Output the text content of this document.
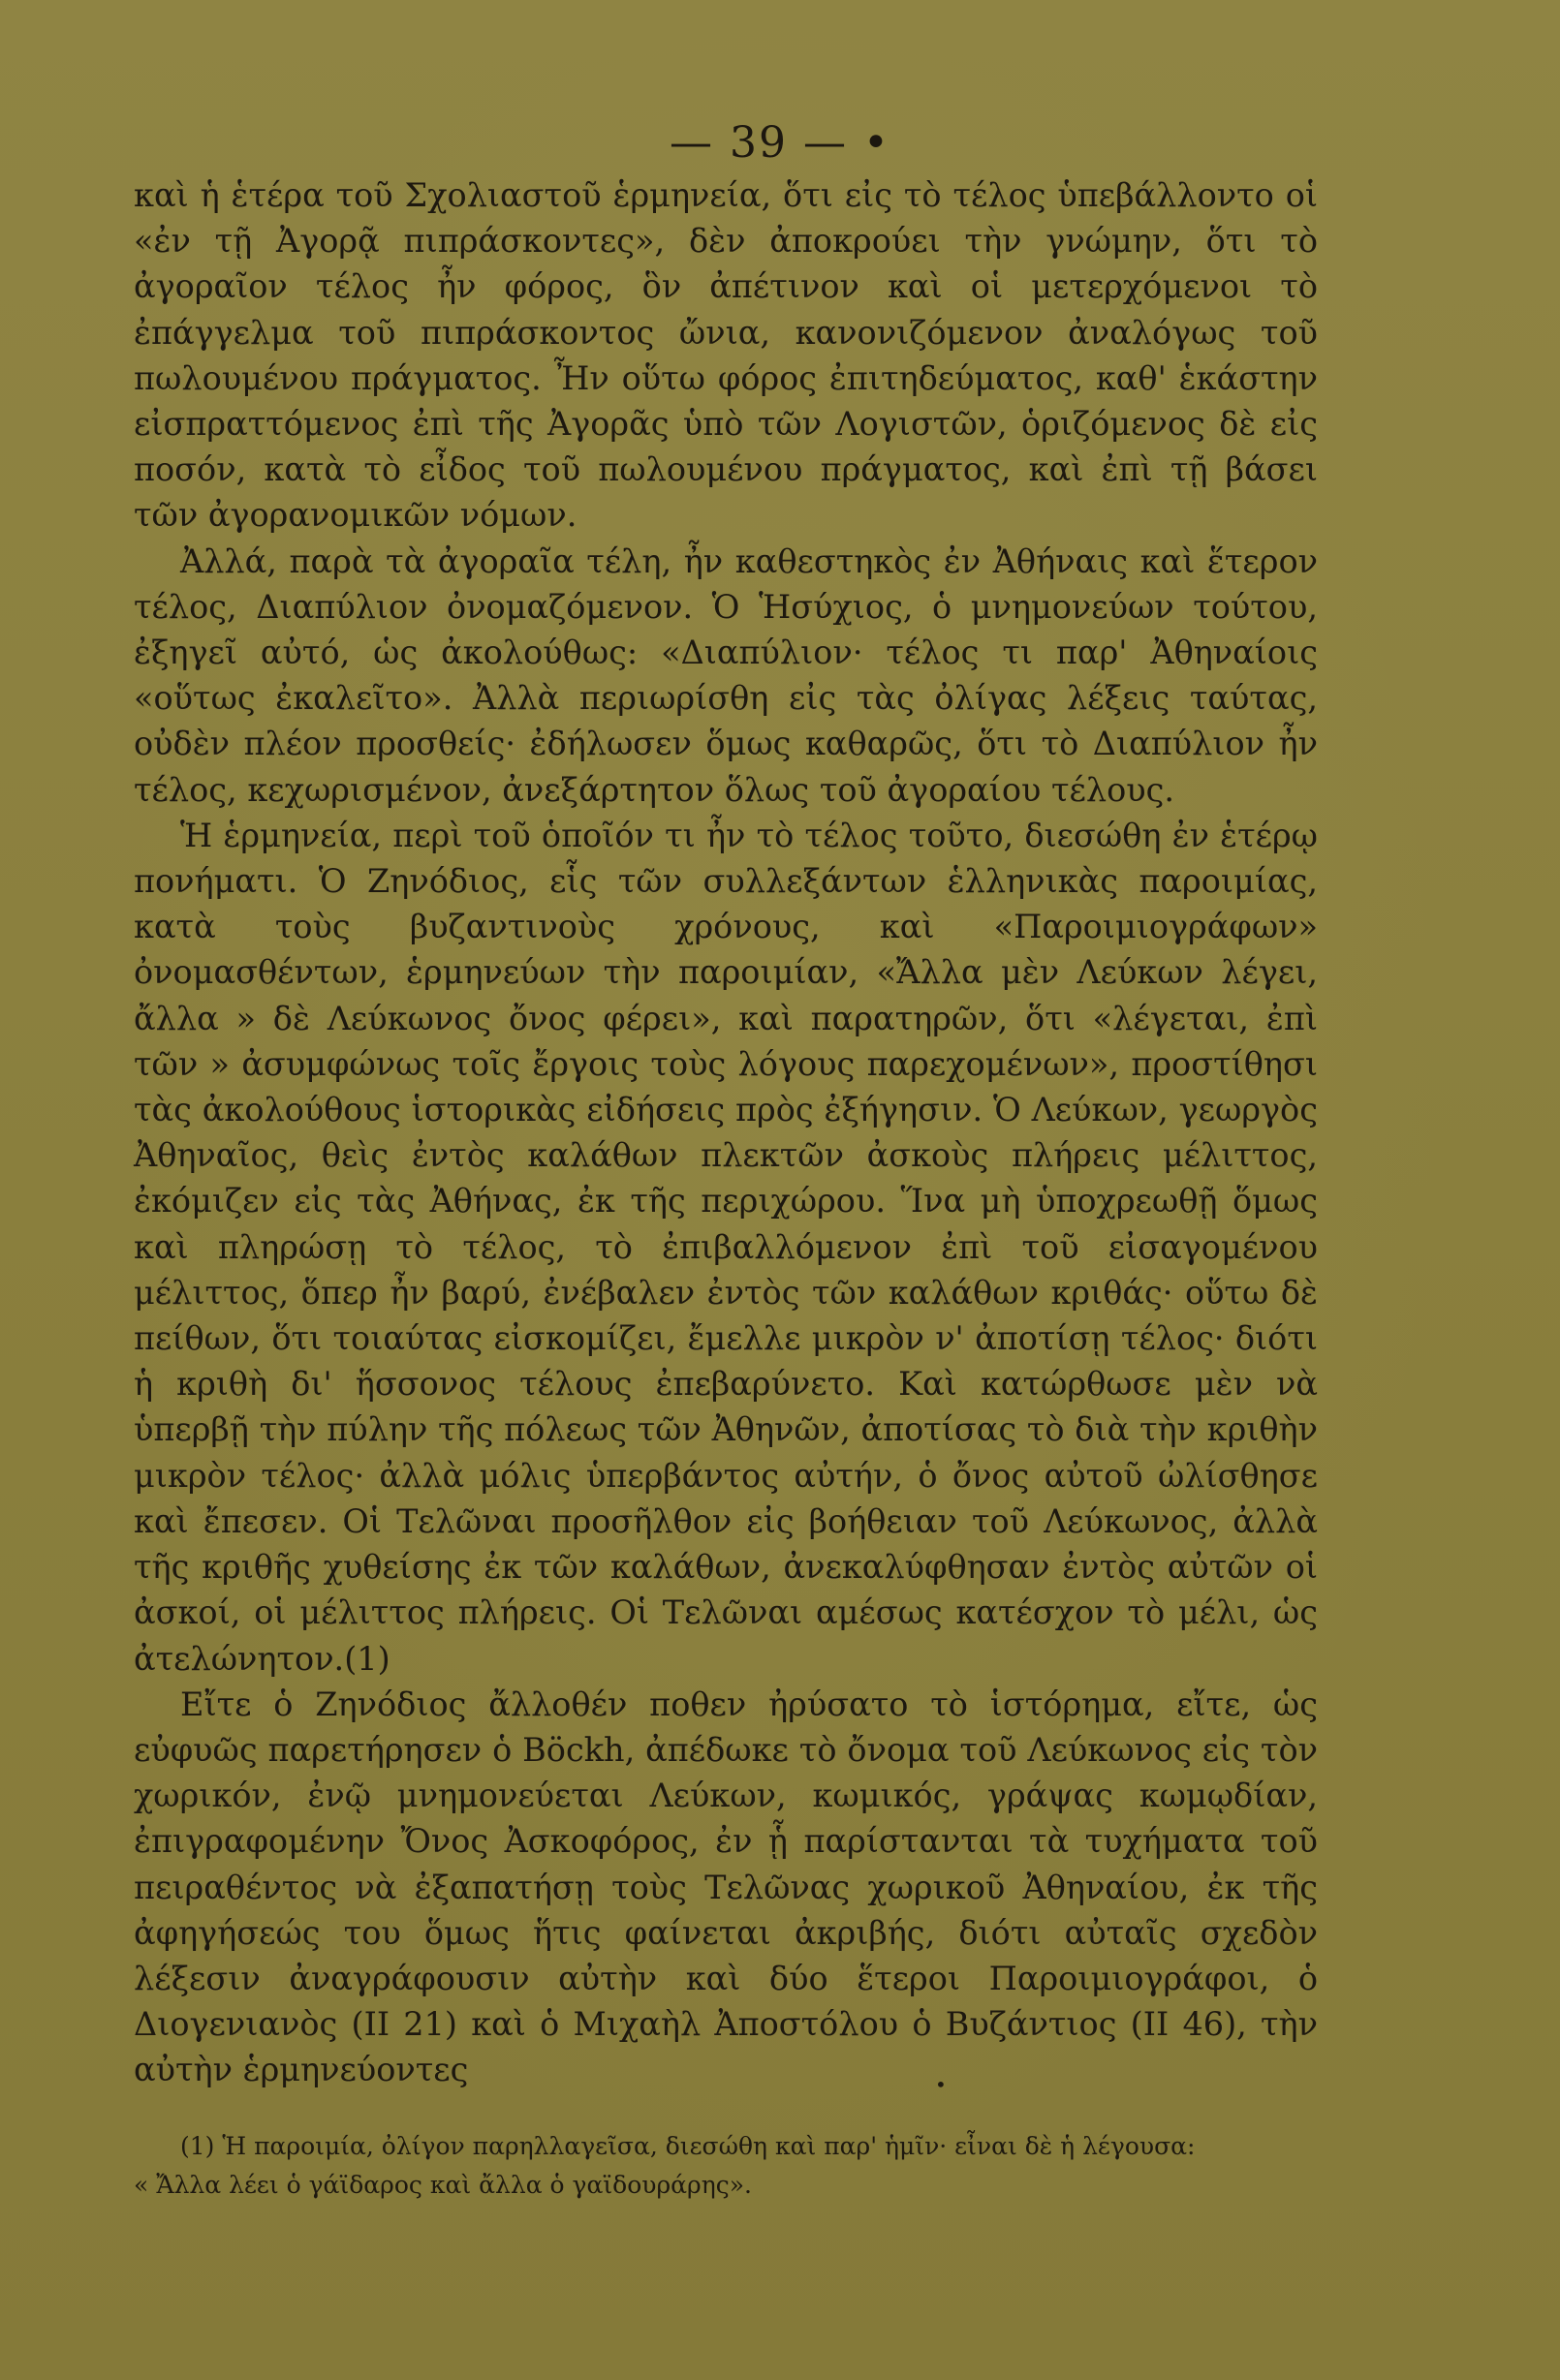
— 39 — •

καὶ ἡ ἑτέρα τοῦ Σχολιαστοῦ ἑρμηνεία, ὅτι εἰς τὸ τέλος ὑπεβάλλοντο οἱ «ἐν τῇ Ἀγορᾷ πιπράσκοντες», δὲν ἀποκρούει τὴν γνώμην, ὅτι τὸ ἀγοραῖον τέλος ἦν φόρος, ὃν ἀπέτινον καὶ οἱ μετερχόμενοι τὸ ἐπάγγελμα τοῦ πιπράσκοντος ὤνια, κανονιζόμενον ἀναλόγως τοῦ πωλουμένου πράγματος. Ἦν οὕτω φόρος ἐπιτηδεύματος, καθ' ἑκάστην εἰσπραττόμενος ἐπὶ τῆς Ἀγορᾶς ὑπὸ τῶν Λογιστῶν, ὁριζόμενος δὲ εἰς ποσόν, κατὰ τὸ εἶδος τοῦ πωλουμένου πράγματος, καὶ ἐπὶ τῇ βάσει τῶν ἀγορανομικῶν νόμων.

Ἀλλά, παρὰ τὰ ἀγοραῖα τέλη, ἦν καθεστηκὸς ἐν Ἀθήναις καὶ ἕτερον τέλος, Διαπύλιον ὀνομαζόμενον. Ὁ Ἡσύχιος, ὁ μνημονεύων τούτου, ἐξηγεῖ αὐτό, ὡς ἀκολούθως: «Διαπύλιον· τέλος τι παρ' Ἀθηναίοις «οὕτως ἐκαλεῖτο». Ἀλλὰ περιωρίσθη εἰς τὰς ὀλίγας λέξεις ταύτας, οὐδὲν πλέον προσθείς· ἐδήλωσεν ὅμως καθαρῶς, ὅτι τὸ Διαπύλιον ἦν τέλος, κεχωρισμένον, ἀνεξάρτητον ὅλως τοῦ ἀγοραίου τέλους.

Ἡ ἑρμηνεία, περὶ τοῦ ὁποῖόν τι ἦν τὸ τέλος τοῦτο, διεσώθη ἐν ἑτέρῳ πονήματι. Ὁ Ζηνόδιος, εἷς τῶν συλλεξάντων ἑλληνικὰς παροιμίας, κατὰ τοὺς βυζαντινοὺς χρόνους, καὶ «Παροιμιογράφων» ὀνομασθέντων, ἑρμηνεύων τὴν παροιμίαν, «Ἄλλα μὲν Λεύκων λέγει, ἄλλα » δὲ Λεύκωνος ὄνος φέρει», καὶ παρατηρῶν, ὅτι «λέγεται, ἐπὶ τῶν » ἀσυμφώνως τοῖς ἔργοις τοὺς λόγους παρεχομένων», προστίθησι τὰς ἀκολούθους ἱστορικὰς εἰδήσεις πρὸς ἐξήγησιν. Ὁ Λεύκων, γεωργὸς Ἀθηναῖος, θεὶς ἐντὸς καλάθων πλεκτῶν ἀσκοὺς πλήρεις μέλιττος, ἐκόμιζεν εἰς τὰς Ἀθήνας, ἐκ τῆς περιχώρου. Ἵνα μὴ ὑποχρεωθῇ ὅμως καὶ πληρώσῃ τὸ τέλος, τὸ ἐπιβαλλόμενον ἐπὶ τοῦ εἰσαγομένου μέλιττος, ὅπερ ἦν βαρύ, ἐνέβαλεν ἐντὸς τῶν καλάθων κριθάς· οὕτω δὲ πείθων, ὅτι τοιαύτας εἰσκομίζει, ἔμελλε μικρὸν ν' ἀποτίσῃ τέλος· διότι ἡ κριθὴ δι' ἥσσονος τέλους ἐπεβαρύνετο. Καὶ κατώρθωσε μὲν νὰ ὑπερβῇ τὴν πύλην τῆς πόλεως τῶν Ἀθηνῶν, ἀποτίσας τὸ διὰ τὴν κριθὴν μικρὸν τέλος· ἀλλὰ μόλις ὑπερβάντος αὐτήν, ὁ ὄνος αὐτοῦ ὠλίσθησε καὶ ἔπεσεν. Οἱ Τελῶναι προσῆλθον εἰς βοήθειαν τοῦ Λεύκωνος, ἀλλὰ τῆς κριθῆς χυθείσης ἐκ τῶν καλάθων, ἀνεκαλύφθησαν ἐντὸς αὐτῶν οἱ ἀσκοί, οἱ μέλιττος πλήρεις. Οἱ Τελῶναι αμέσως κατέσχον τὸ μέλι, ὡς ἀτελώνητον.(1)

Εἴτε ὁ Ζηνόδιος ἄλλοθέν ποθεν ἠρύσατο τὸ ἱστόρημα, εἴτε, ὡς εὐφυῶς παρετήρησεν ὁ Böckh, ἀπέδωκε τὸ ὄνομα τοῦ Λεύκωνος εἰς τὸν χωρικόν, ἐνῷ μνημονεύεται Λεύκων, κωμικός, γράψας κωμῳδίαν, ἐπιγραφομένην Ὄνος Ἀσκοφόρος, ἐν ᾗ παρίστανται τὰ τυχήματα τοῦ πειραθέντος νὰ ἐξαπατήσῃ τοὺς Τελῶνας χωρικοῦ Ἀθηναίου, ἐκ τῆς ἀφηγήσεώς του ὅμως ἥτις φαίνεται ἀκριβής, διότι αὐταῖς σχεδὸν λέξεσιν ἀναγράφουσιν αὐτὴν καὶ δύο ἕτεροι Παροιμιογράφοι, ὁ Διογενιανὸς (II 21) καὶ ὁ Μιχαὴλ Ἀποστόλου ὁ Βυζάντιος (II 46), τὴν αὐτὴν ἑρμηνεύοντες	•

(1) Ἡ παροιμία, ὀλίγον παρηλλαγεῖσα, διεσώθη καὶ παρ' ἡμῖν· εἶναι δὲ ἡ λέγουσα:

« Ἄλλα λέει ὁ γάϊδαρος καὶ ἄλλα ὁ γαϊδουράρης».
